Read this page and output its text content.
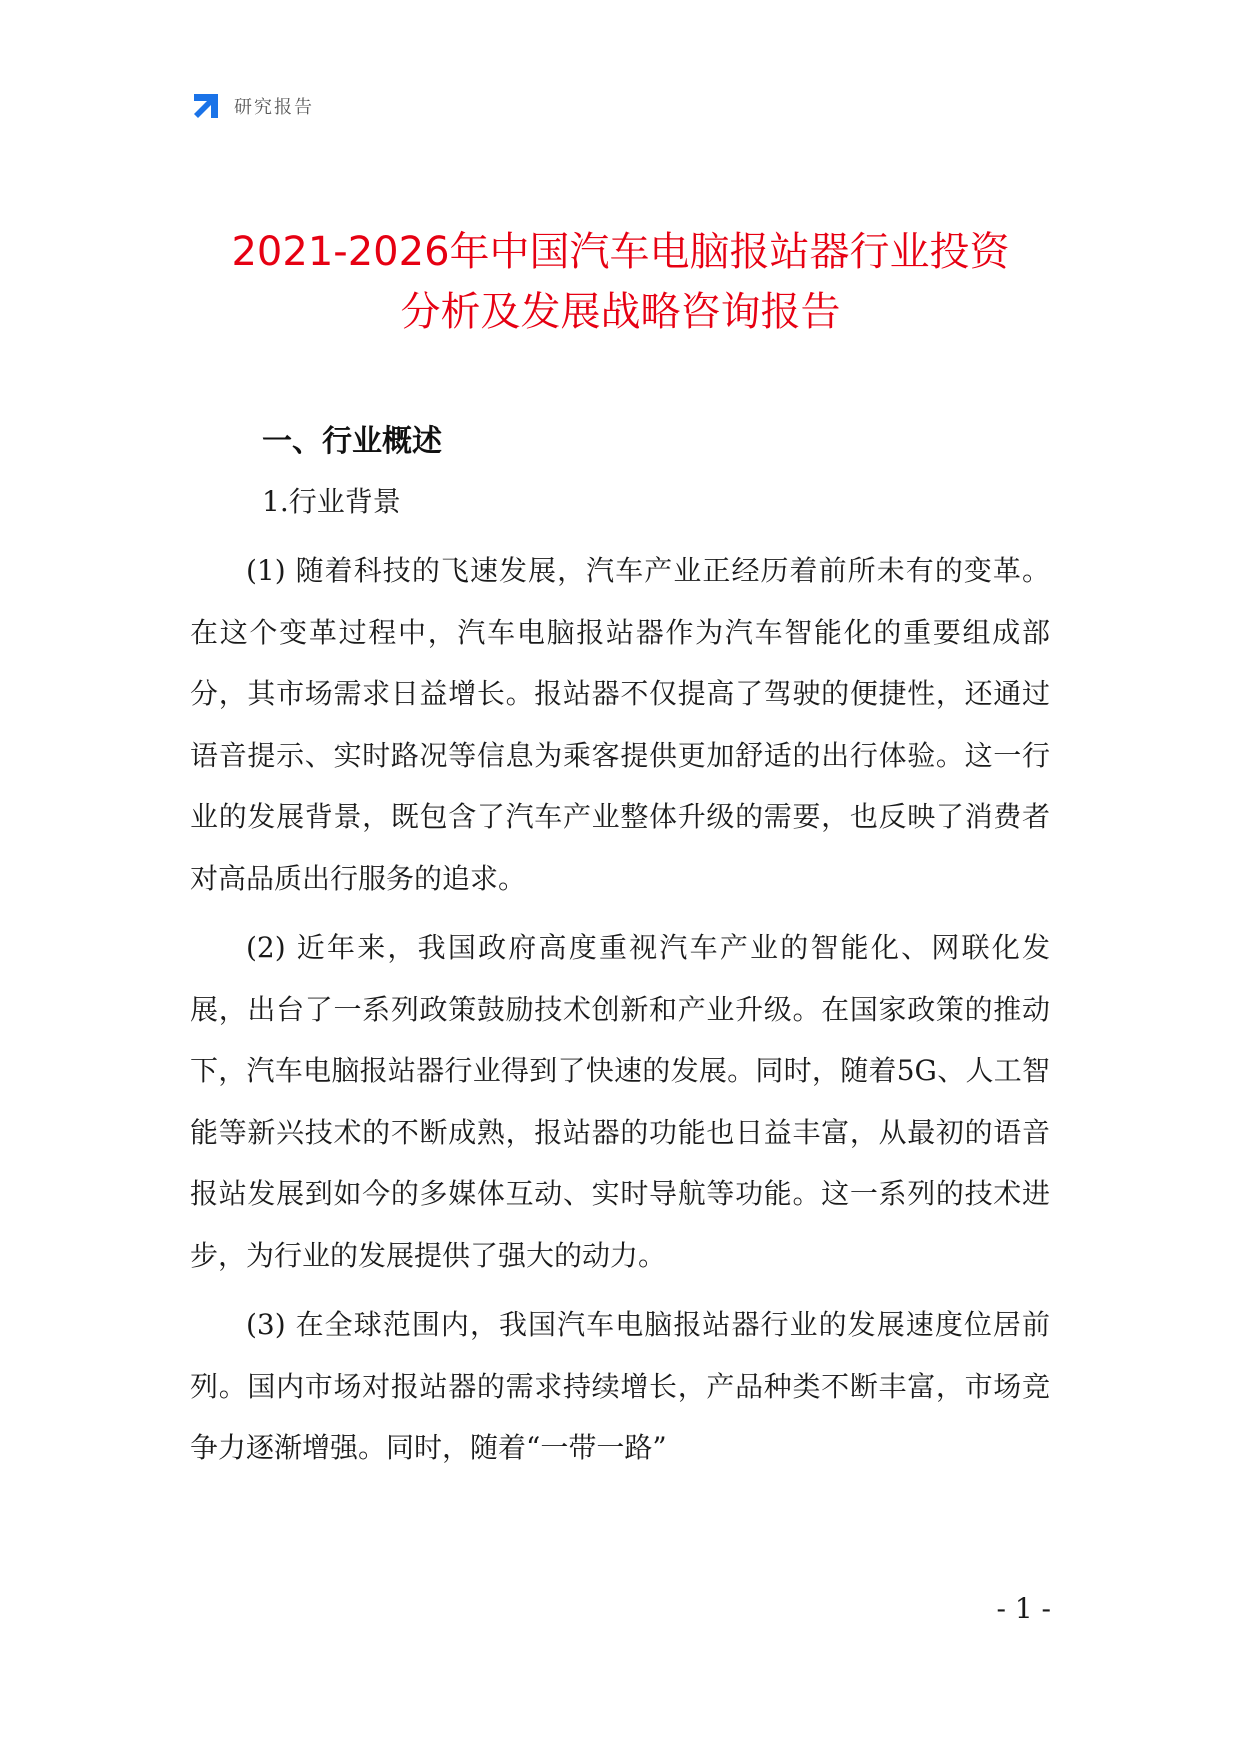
研究报告
2021-2026年中国汽车电脑报站器行业投资
分析及发展战略咨询报告
一、行业概述
1.行业背景

(1) 随着科技的飞速发展，汽车产业正经历着前所未有的变革。在这个变革过程中，汽车电脑报站器作为汽车智能化的重要组成部分，其市场需求日益增长。报站器不仅提高了驾驶的便捷性，还通过语音提示、实时路况等信息为乘客提供更加舒适的出行体验。这一行业的发展背景，既包含了汽车产业整体升级的需要，也反映了消费者对高品质出行服务的追求。

(2) 近年来，我国政府高度重视汽车产业的智能化、网联化发展，出台了一系列政策鼓励技术创新和产业升级。在国家政策的推动下，汽车电脑报站器行业得到了快速的发展。同时，随着5G、人工智能等新兴技术的不断成熟，报站器的功能也日益丰富，从最初的语音报站发展到如今的多媒体互动、实时导航等功能。这一系列的技术进步，为行业的发展提供了强大的动力。

(3) 在全球范围内，我国汽车电脑报站器行业的发展速度位居前列。国内市场对报站器的需求持续增长，产品种类不断丰富，市场竞争力逐渐增强。同时，随着“一带一路”

- 1 -
